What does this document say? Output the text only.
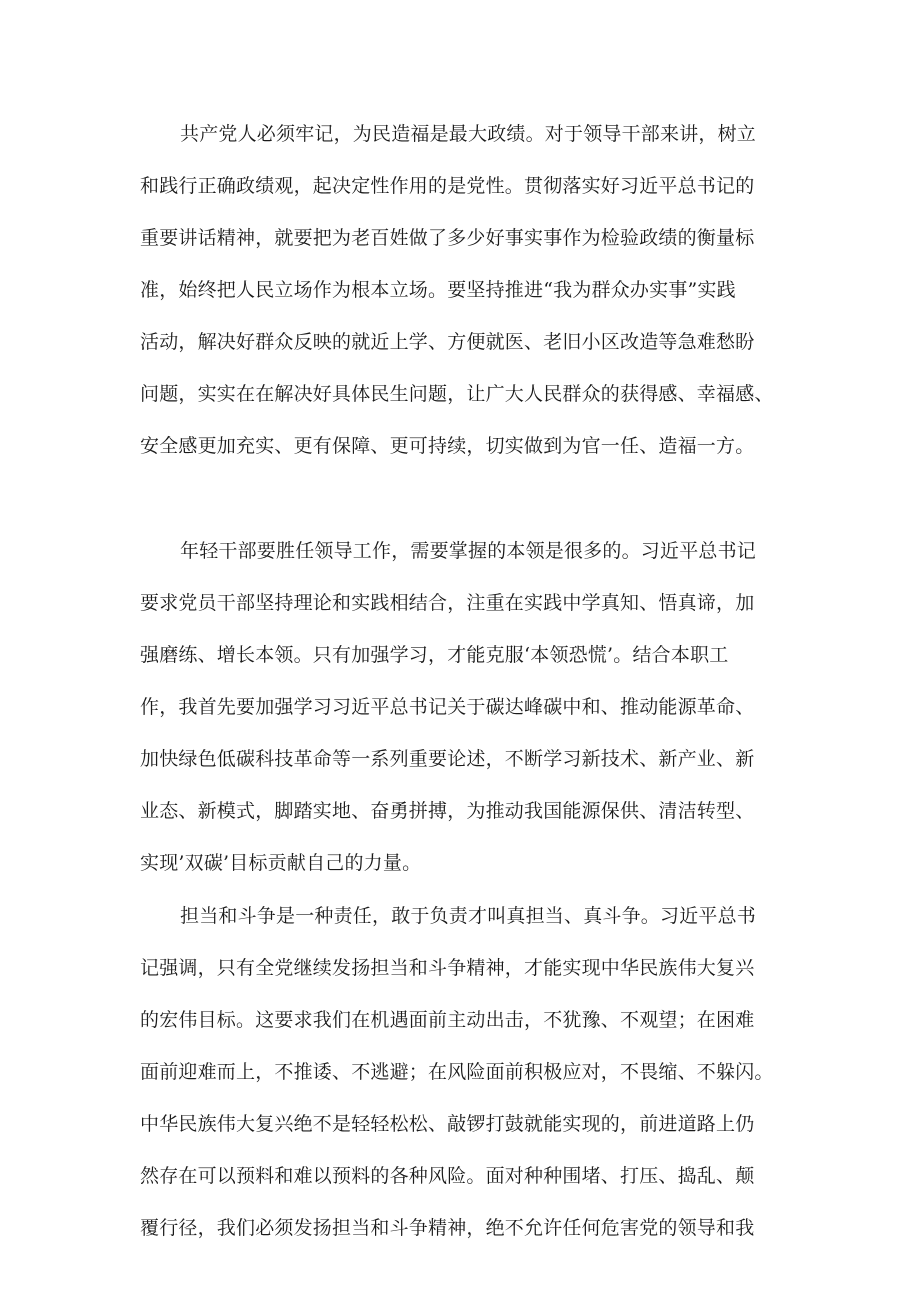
共产党人必须牢记，为民造福是最大政绩。对于领导干部来讲，树立
和践行正确政绩观，起决定性作用的是党性。贯彻落实好习近平总书记的
重要讲话精神，就要把为老百姓做了多少好事实事作为检验政绩的衡量标
准，始终把人民立场作为根本立场。要坚持推进“我为群众办实事”实践
活动，解决好群众反映的就近上学、方便就医、老旧小区改造等急难愁盼
问题，实实在在解决好具体民生问题，让广大人民群众的获得感、幸福感、
安全感更加充实、更有保障、更可持续，切实做到为官一任、造福一方。
年轻干部要胜任领导工作，需要掌握的本领是很多的。习近平总书记
要求党员干部坚持理论和实践相结合，注重在实践中学真知、悟真谛，加
强磨练、增长本领。只有加强学习，才能克服‘本领恐慌’。结合本职工
作，我首先要加强学习习近平总书记关于碳达峰碳中和、推动能源革命、
加快绿色低碳科技革命等一系列重要论述，不断学习新技术、新产业、新
业态、新模式，脚踏实地、奋勇拼搏，为推动我国能源保供、清洁转型、
实现’双碳’目标贡献自己的力量。
担当和斗争是一种责任，敢于负责才叫真担当、真斗争。习近平总书
记强调，只有全党继续发扬担当和斗争精神，才能实现中华民族伟大复兴
的宏伟目标。这要求我们在机遇面前主动出击，不犹豫、不观望；在困难
面前迎难而上，不推诿、不逃避；在风险面前积极应对，不畏缩、不躲闪。
中华民族伟大复兴绝不是轻轻松松、敲锣打鼓就能实现的，前进道路上仍
然存在可以预料和难以预料的各种风险。面对种种围堵、打压、捣乱、颠
覆行径，我们必须发扬担当和斗争精神，绝不允许任何危害党的领导和我
